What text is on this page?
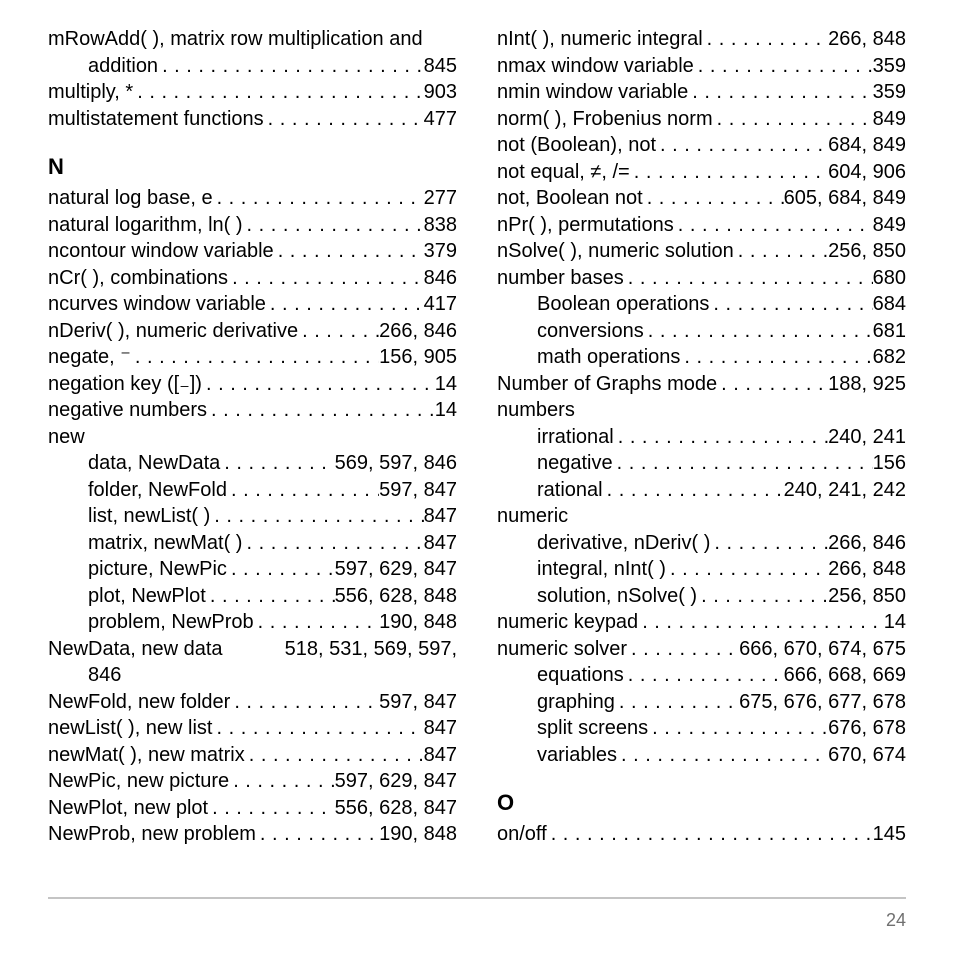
mRowAdd( ), matrix row multiplication and
addition . . .	845
multiply, * . . .	903
multistatement functions . . .	477
N
natural log base, e . . .	277
natural logarithm, ln( ) . . .	838
ncontour window variable . . .	379
nCr( ), combinations . . .	846
ncurves window variable . . .	417
nDeriv( ), numeric derivative . . .	266, 846
negate, ⁻ . . .	156, 905
negation key ([₋]) . . .	14
negative numbers . . .	14
new
data, NewData . . .	569, 597, 846
folder, NewFold . . .	597, 847
list, newList( ) . . .	847
matrix, newMat( ) . . .	847
picture, NewPic . . .	597, 629, 847
plot, NewPlot . . .	556, 628, 848
problem, NewProb . . .	190, 848
NewData, new data	518, 531, 569, 597,
846
NewFold, new folder . . .	597, 847
newList( ), new list . . .	847
newMat( ), new matrix . . .	847
NewPic, new picture . . .	597, 629, 847
NewPlot, new plot . . .	556, 628, 847
NewProb, new problem . . .	190, 848
nInt( ), numeric integral . . .	266, 848
nmax window variable . . .	359
nmin window variable . . .	359
norm( ), Frobenius norm . . .	849
not (Boolean), not . . .	684, 849
not equal, ≠, /= . . .	604, 906
not, Boolean not . . .	605, 684, 849
nPr( ), permutations . . .	849
nSolve( ), numeric solution . . .	256, 850
number bases . . .	680
Boolean operations . . .	684
conversions . . .	681
math operations . . .	682
Number of Graphs mode . . .	188, 925
numbers
irrational . . .	240, 241
negative . . .	156
rational . . .	240, 241, 242
numeric
derivative, nDeriv( ) . . .	266, 846
integral, nInt( ) . . .	266, 848
solution, nSolve( ) . . .	256, 850
numeric keypad . . .	14
numeric solver . . .	666, 670, 674, 675
equations . . .	666, 668, 669
graphing . . .	675, 676, 677, 678
split screens . . .	676, 678
variables . . .	670, 674
O
on/off . . .	145
24
